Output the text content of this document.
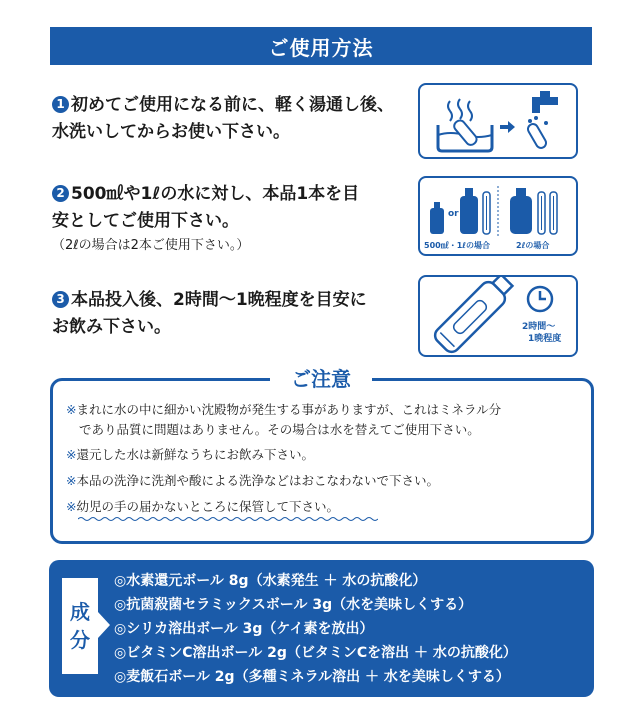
ご使用方法
1 初めてご使用になる前に、軽く湯通し後、
水洗いしてからお使い下さい。
2 500㎖や1ℓの水に対し、本品1本を目
安としてご使用下さい。
（2ℓの場合は2本ご使用下さい。）
or
500㎖・1ℓの場合	2ℓの場合
3 本品投入後、2時間〜1晩程度を目安に
お飲み下さい。	2時間〜
1晩程度
ご注意
※まれに水の中に細かい沈殿物が発生する事がありますが、これはミネラル分
であり品質に問題はありません。その場合は水を替えてご使用下さい。
※還元した水は新鮮なうちにお飲み下さい。
※本品の洗浄に洗剤や酸による洗浄などはおこなわないで下さい。
※幼児の手の届かないところに保管して下さい。
成
分
◎水素還元ボール 8g（水素発生 ＋ 水の抗酸化）
◎抗菌殺菌セラミックスボール 3g（水を美味しくする）
◎シリカ溶出ボール 3g（ケイ素を放出）
◎ビタミンC溶出ボール 2g（ビタミンCを溶出 ＋ 水の抗酸化）
◎麦飯石ボール 2g（多種ミネラル溶出 ＋ 水を美味しくする）
